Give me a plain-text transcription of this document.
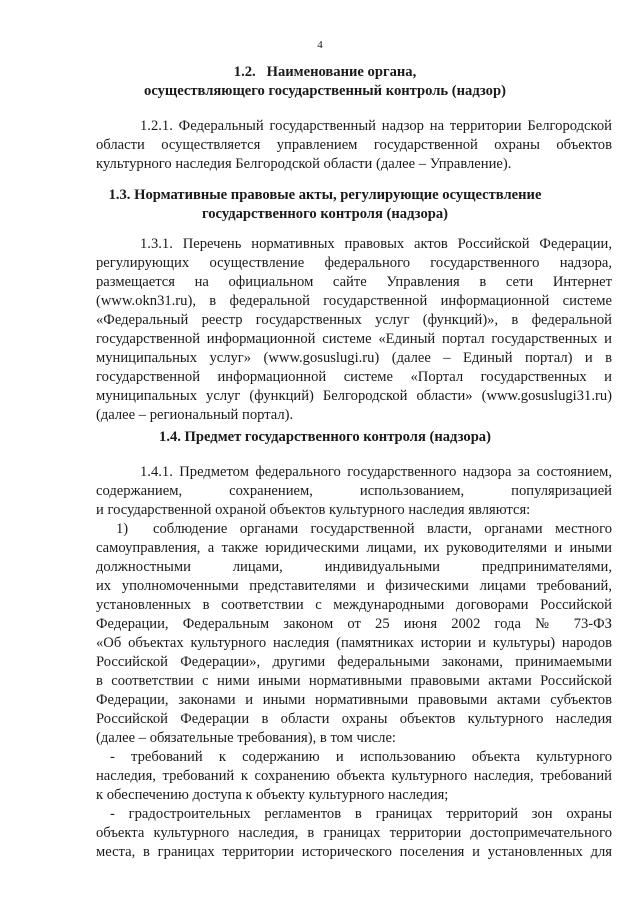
4
1.2.   Наименование органа,
осуществляющего государственный контроль (надзор)
1.2.1. Федеральный государственный надзор на территории Белгородской
области осуществляется управлением государственной охраны объектов
культурного наследия Белгородской области (далее – Управление).
1.3. Нормативные правовые акты, регулирующие осуществление
государственного контроля (надзора)
1.3.1. Перечень нормативных правовых актов Российской Федерации,
регулирующих осуществление федерального государственного надзора,
размещается на официальном сайте Управления в сети Интернет
(www.okn31.ru), в федеральной государственной информационной системе
«Федеральный реестр государственных услуг (функций)», в федеральной
государственной информационной системе «Единый портал государственных и
муниципальных услуг» (www.gosuslugi.ru) (далее – Единый портал) и в
государственной информационной системе «Портал государственных и
муниципальных услуг (функций) Белгородской области» (www.gosuslugi31.ru)
(далее – региональный портал).
1.4. Предмет государственного контроля (надзора)
1.4.1. Предметом федерального государственного надзора за состоянием,
содержанием, сохранением, использованием, популяризацией
и государственной охраной объектов культурного наследия являются:
1)  соблюдение органами государственной власти, органами местного
самоуправления, а также юридическими лицами, их руководителями и иными
должностными лицами, индивидуальными предпринимателями,
их уполномоченными представителями и физическими лицами требований,
установленных в соответствии с международными договорами Российской
Федерации, Федеральным законом от 25 июня 2002 года № 73-ФЗ
«Об объектах культурного наследия (памятниках истории и культуры) народов
Российской Федерации», другими федеральными законами, принимаемыми
в соответствии с ними иными нормативными правовыми актами Российской
Федерации, законами и иными нормативными правовыми актами субъектов
Российской Федерации в области охраны объектов культурного наследия
(далее – обязательные требования), в том числе:
- требований к содержанию и использованию объекта культурного
наследия, требований к сохранению объекта культурного наследия, требований
к обеспечению доступа к объекту культурного наследия;
- градостроительных регламентов в границах территорий зон охраны
объекта культурного наследия, в границах территории достопримечательного
места, в границах территории исторического поселения и установленных для
